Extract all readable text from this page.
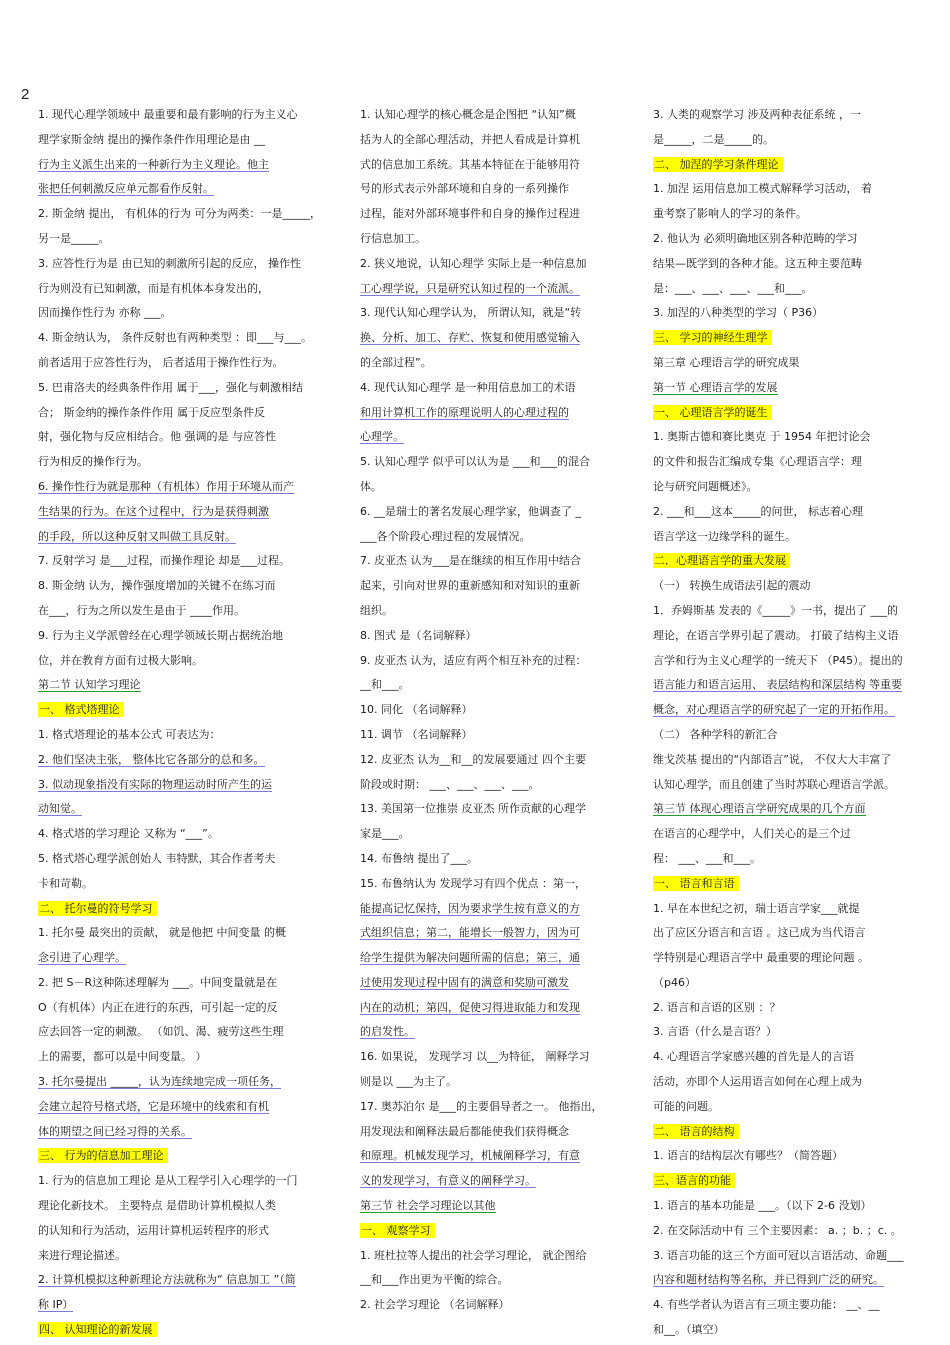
2
1. 现代心理学领域中 最重要和最有影响的行为主义心
理学家斯金纳 提出的操作条件作用理论是由 __
行为主义派生出来的一种新行为主义理论。他主
张把任何刺激反应单元都看作反射。
2. 斯金纳 提出， 有机体的行为 可分为两类：一是_____，
另一是_____。
3. 应答性行为是 由已知的刺激所引起的反应， 操作性
行为则没有已知刺激，而是有机体本身发出的，
因而操作性行为 亦称 ___。
4. 斯金纳认为， 条件反射也有两种类型 ：即___与___。
前者适用于应答性行为， 后者适用于操作性行为。
5. 巴甫洛夫的经典条件作用 属于___，强化与刺激相结
合； 斯金纳的操作条件作用 属于反应型条件反
射，强化物与反应相结合。他 强调的是 与应答性
行为相反的操作行为。
6. 操作性行为就是那种（有机体）作用于环境从而产
生结果的行为。在这个过程中，行为是获得刺激
的手段，所以这种反射又叫做工具反射。
7. 反射学习 是___过程，而操作理论 却是___过程。
8. 斯金纳 认为，操作强度增加的关键不在练习而
在___，行为之所以发生是由于 ____作用。
9. 行为主义学派曾经在心理学领域长期占据统治地
位，并在教育方面有过极大影响。
第二节 认知学习理论
一、 格式塔理论
1. 格式塔理论的基本公式 可表达为：
2. 他们坚决主张， 整体比它各部分的总和多。
3. 似动现象指没有实际的物理运动时所产生的运
动知觉。
4. 格式塔的学习理论 又称为 “___”。
5. 格式塔心理学派创始人 韦特默，其合作者考夫
卡和苛勒。
二、 托尔曼的符号学习
1. 托尔曼 最突出的贡献， 就是他把 中间变量 的概
念引进了心理学。
2. 把 S－R这种陈述理解为 ___。中间变量就是在
O（有机体）内正在进行的东西，可引起一定的反
应去回答一定的刺激。 （如饥、渴、疲劳这些生理
上的需要，都可以是中间变量。 ）
3. 托尔曼提出 _____，认为连续地完成一项任务，
会建立起符号格式塔，它是环境中的线索和有机
体的期望之间已经习得的关系。
三、 行为的信息加工理论
1. 行为的信息加工理论 是从工程学引入心理学的一门
理论化新技术。 主要特点 是借助计算机模拟人类
的认知和行为活动，运用计算机运转程序的形式
来进行理论描述。
2. 计算机模拟这种新理论方法就称为“ 信息加工 ”（简
称 IP）
四、 认知理论的新发展
1. 认知心理学的核心概念是企图把 “认知”概
括为人的全部心理活动，并把人看成是计算机
式的信息加工系统。其基本特征在于能够用符
号的形式表示外部环境和自身的一系列操作
过程，能对外部环境事件和自身的操作过程进
行信息加工。
2. 狭义地说，认知心理学 实际上是一种信息加
工心理学说，只是研究认知过程的一个流派。
3. 现代认知心理学认为， 所谓认知，就是“转
换、分析、加工、存贮、恢复和使用感觉输入
的全部过程”。
4. 现代认知心理学 是一种用信息加工的术语
和用计算机工作的原理说明人的心理过程的
心理学。
5. 认知心理学 似乎可以认为是 ___和___的混合
体。
6. __是瑞士的著名发展心理学家，他调查了 _
___各个阶段心理过程的发展情况。
7. 皮亚杰 认为___是在继续的相互作用中结合
起来，引向对世界的重新感知和对知识的重新
组织。
8. 图式 是（名词解释）
9. 皮亚杰 认为，适应有两个相互补充的过程：
__和___。
10. 同化 （名词解释）
11. 调节 （名词解释）
12. 皮亚杰 认为__和__的发展要通过 四个主要
阶段或时期： ___、___、___、___。
13. 美国第一位推崇 皮亚杰 所作贡献的心理学
家是___。
14. 布鲁纳 提出了___。
15. 布鲁纳认为 发现学习有四个优点 ：第一，
能提高记忆保持，因为要求学生按有意义的方
式组织信息；第二，能增长一般智力，因为可
给学生提供为解决问题所需的信息；第三，通
过使用发现过程中固有的满意和奖励可激发
内在的动机；第四，促使习得进取能力和发现
的启发性。
16. 如果说， 发现学习 以__为特征， 阐释学习
则是以 ___为主了。
17. 奥苏泊尔 是___的主要倡导者之一。 他指出，
用发现法和阐释法最后都能使我们获得概念
和原理。机械发现学习，机械阐释学习，有意
义的发现学习，有意义的阐释学习。
第三节 社会学习理论以其他
一、 观察学习
1. 班杜拉等人提出的社会学习理论， 就企图给
__和___作出更为平衡的综合。
2. 社会学习理论 （名词解释）
3. 人类的观察学习 涉及两种表征系统 ，一
是_____，二是_____的。
二、 加涅的学习条件理论
1. 加涅 运用信息加工模式解释学习活动， 着
重考察了影响人的学习的条件。
2. 他认为 必须明确地区别各种范畴的学习
结果—既学到的各种才能。这五种主要范畴
是：___、___、___、___和___。
3. 加涅的八种类型的学习（ P36）
三、 学习的神经生理学
第三章 心理语言学的研究成果
第一节 心理语言学的发展
一、 心理语言学的诞生
1. 奥斯古德和赛比奥克 于 1954 年把讨论会
的文件和报告汇编成专集《心理语言学：理
论与研究问题概述》。
2. ___和___这本_____的问世， 标志着心理
语言学这一边缘学科的诞生。
二．心理语言学的重大发展
（一） 转换生成语法引起的震动
1．乔姆斯基 发表的《_____》一书，提出了 ___的
理论，在语言学界引起了震动。 打破了结构主义语
言学和行为主义心理学的一统天下 （P45）。提出的
语言能力和语言运用、 表层结构和深层结构 等重要
概念，对心理语言学的研究起了一定的开拓作用。
（二） 各种学科的新汇合
维戈茨基 提出的“内部语言”说， 不仅大大丰富了
认知心理学，而且创建了当时苏联心理语言学派。
第三节 体现心理语言学研究成果的几个方面
在语言的心理学中，人们关心的是三个过
程： ___、___和___。
一、 语言和言语
1. 早在本世纪之初，瑞士语言学家___就提
出了应区分语言和言语 。这已成为当代语言
学特别是心理语言学中 最重要的理论问题 。
（p46）
2. 语言和言语的区别 ：？
3. 言语（什么是言语？）
4. 心理语言学家感兴趣的首先是人的言语
活动，亦即个人运用语言如何在心理上成为
可能的问题。
二、 语言的结构
1. 语言的结构层次有哪些？（简答题）
三、语言的功能
1. 语言的基本功能是 ___。（以下 2-6 没划）
2. 在交际活动中有 三个主要因素： a. ；b. ；c. 。
3. 语言功能的这三个方面可冠以言语活动、命题___
内容和题材结构等名称，并已得到广泛的研究。
4. 有些学者认为语言有三项主要功能： __、__
和__。（填空）
